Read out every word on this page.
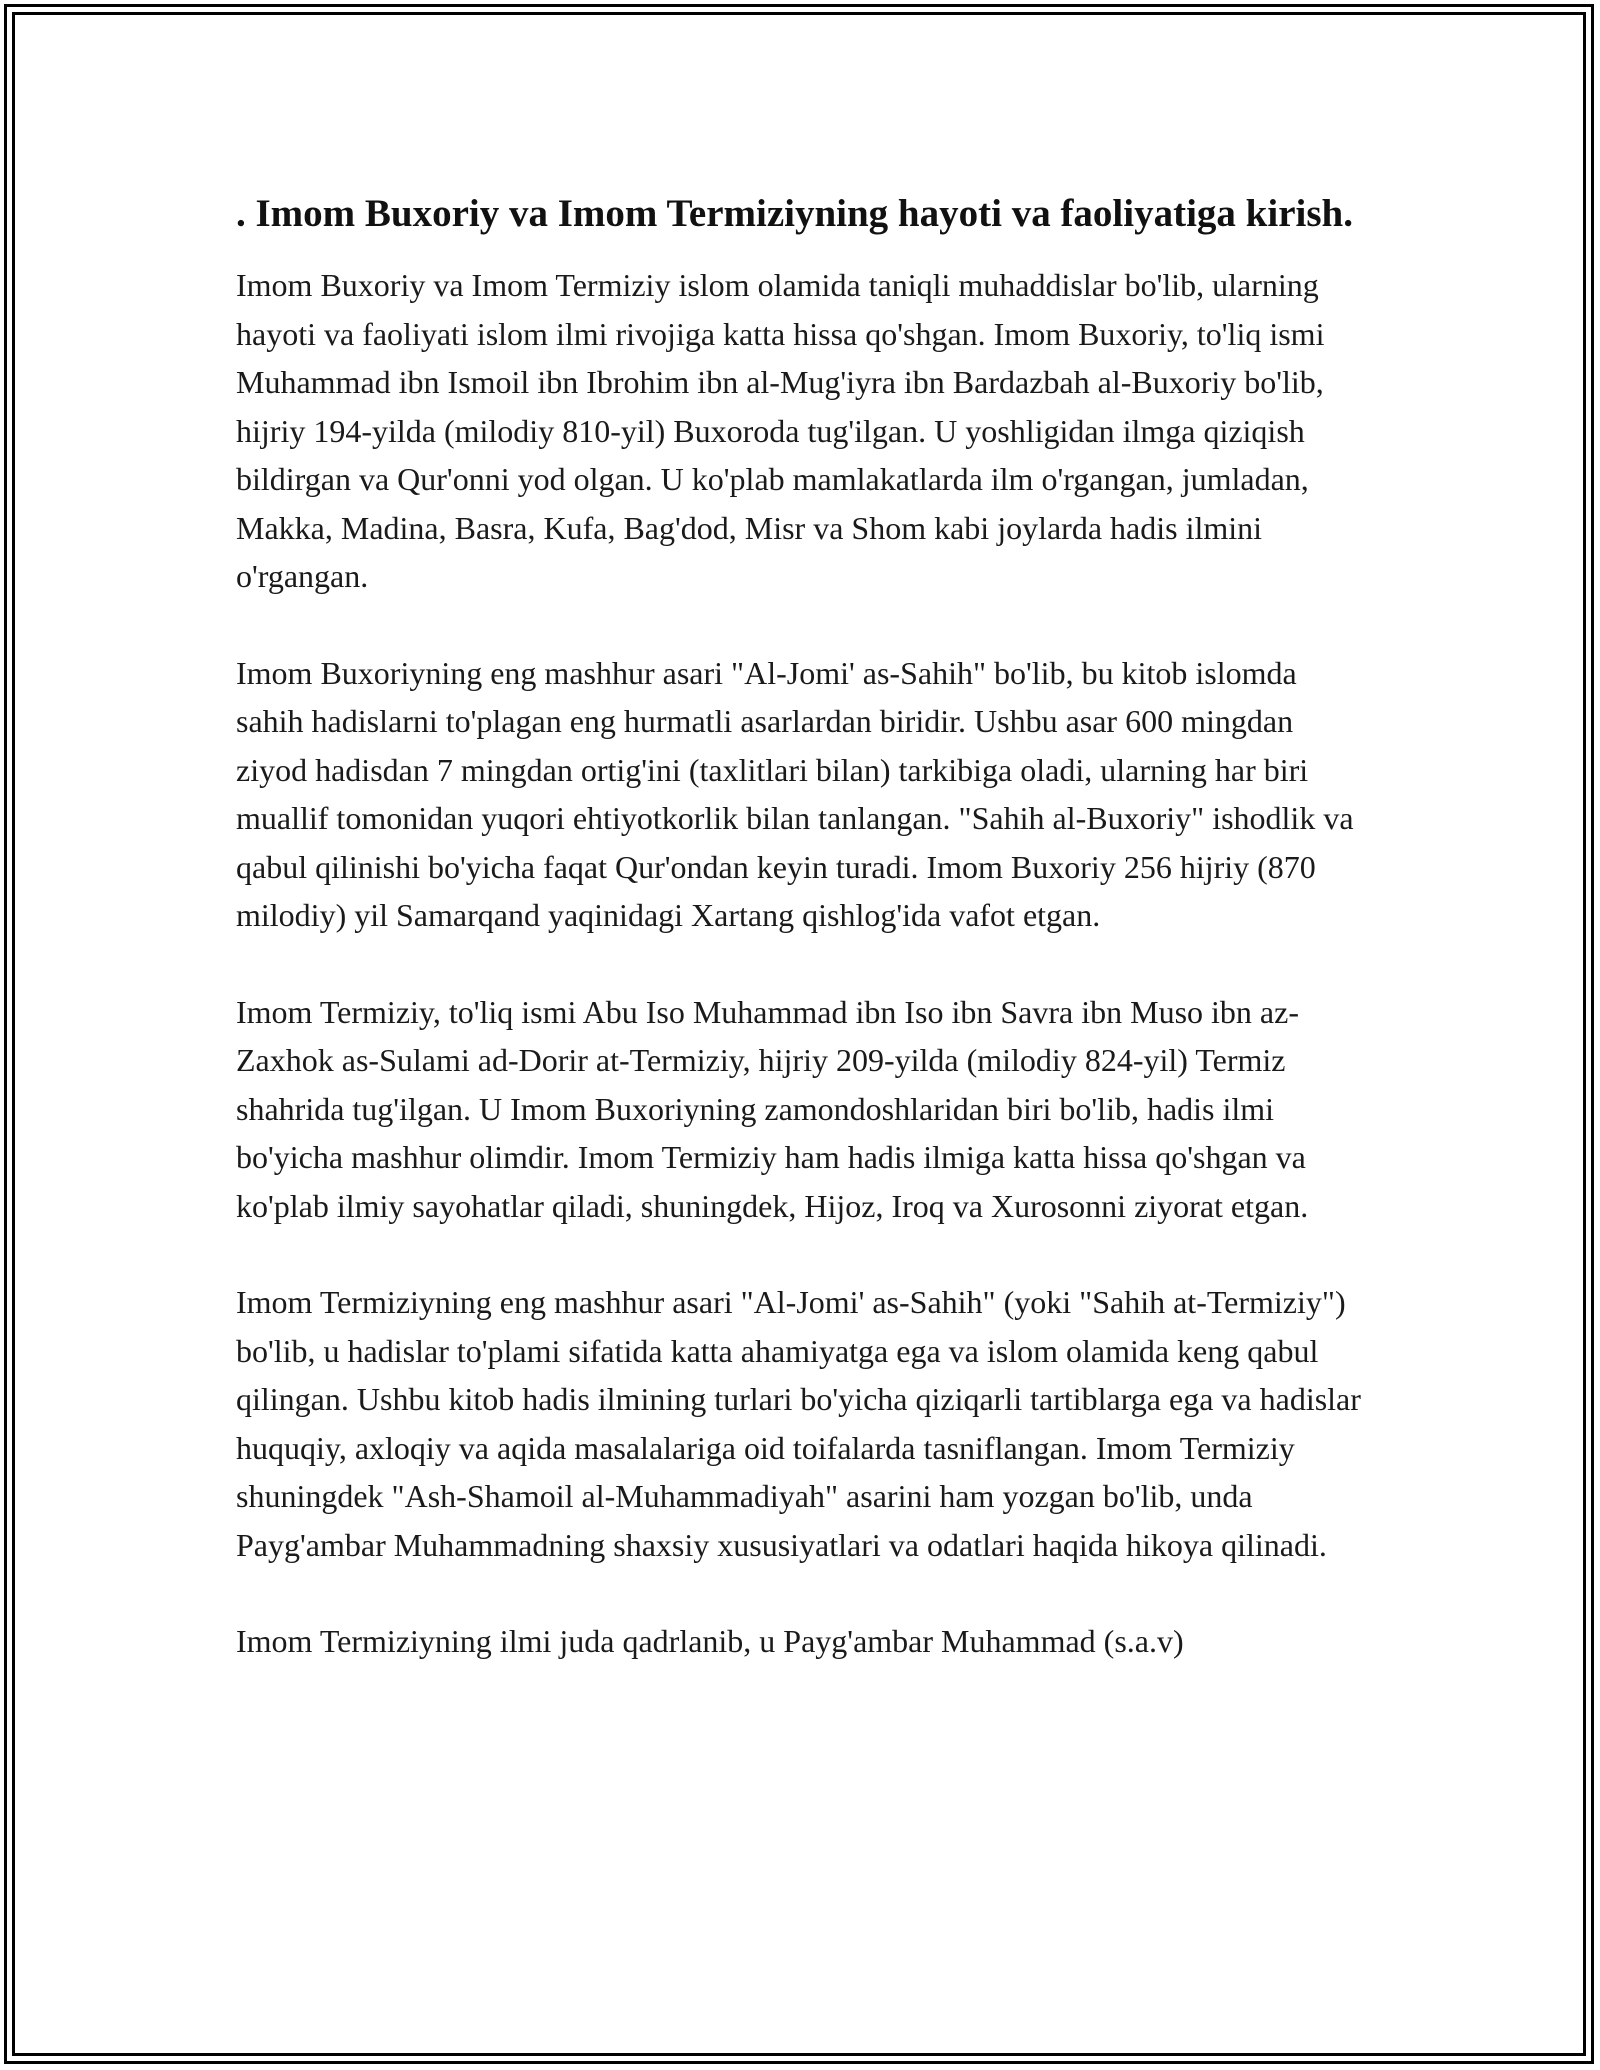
. Imom Buxoriy va Imom Termiziyning hayoti va faoliyatiga kirish.

Imom Buxoriy va Imom Termiziy islom olamida taniqli muhaddislar bo'lib, ularning hayoti va faoliyati islom ilmi rivojiga katta hissa qo'shgan. Imom Buxoriy, to'liq ismi Muhammad ibn Ismoil ibn Ibrohim ibn al-Mug'iyra ibn Bardazbah al-Buxoriy bo'lib, hijriy 194-yilda (milodiy 810-yil) Buxoroda tug'ilgan. U yoshligidan ilmga qiziqish bildirgan va Qur'onni yod olgan. U ko'plab mamlakatlarda ilm o'rgangan, jumladan, Makka, Madina, Basra, Kufa, Bag'dod, Misr va Shom kabi joylarda hadis ilmini o'rgangan.

Imom Buxoriyning eng mashhur asari "Al-Jomi' as-Sahih" bo'lib, bu kitob islomda sahih hadislarni to'plagan eng hurmatli asarlardan biridir. Ushbu asar 600 mingdan ziyod hadisdan 7 mingdan ortig'ini (taxlitlari bilan) tarkibiga oladi, ularning har biri muallif tomonidan yuqori ehtiyotkorlik bilan tanlangan. "Sahih al-Buxoriy" ishodlik va qabul qilinishi bo'yicha faqat Qur'ondan keyin turadi. Imom Buxoriy 256 hijriy (870 milodiy) yil Samarqand yaqinidagi Xartang qishlog'ida vafot etgan.

Imom Termiziy, to'liq ismi Abu Iso Muhammad ibn Iso ibn Savra ibn Muso ibn az-Zaxhok as-Sulami ad-Dorir at-Termiziy, hijriy 209-yilda (milodiy 824-yil) Termiz shahrida tug'ilgan. U Imom Buxoriyning zamondoshlaridan biri bo'lib, hadis ilmi bo'yicha mashhur olimdir. Imom Termiziy ham hadis ilmiga katta hissa qo'shgan va ko'plab ilmiy sayohatlar qiladi, shuningdek, Hijoz, Iroq va Xurosonni ziyorat etgan.

Imom Termiziyning eng mashhur asari "Al-Jomi' as-Sahih" (yoki "Sahih at-Termiziy") bo'lib, u hadislar to'plami sifatida katta ahamiyatga ega va islom olamida keng qabul qilingan. Ushbu kitob hadis ilmining turlari bo'yicha qiziqarli tartiblarga ega va hadislar huquqiy, axloqiy va aqida masalalariga oid toifalarda tasniflangan. Imom Termiziy shuningdek "Ash-Shamoil al-Muhammadiyah" asarini ham yozgan bo'lib, unda Payg'ambar Muhammadning shaxsiy xususiyatlari va odatlari haqida hikoya qilinadi.

Imom Termiziyning ilmi juda qadrlanib, u Payg'ambar Muhammad (s.a.v)
